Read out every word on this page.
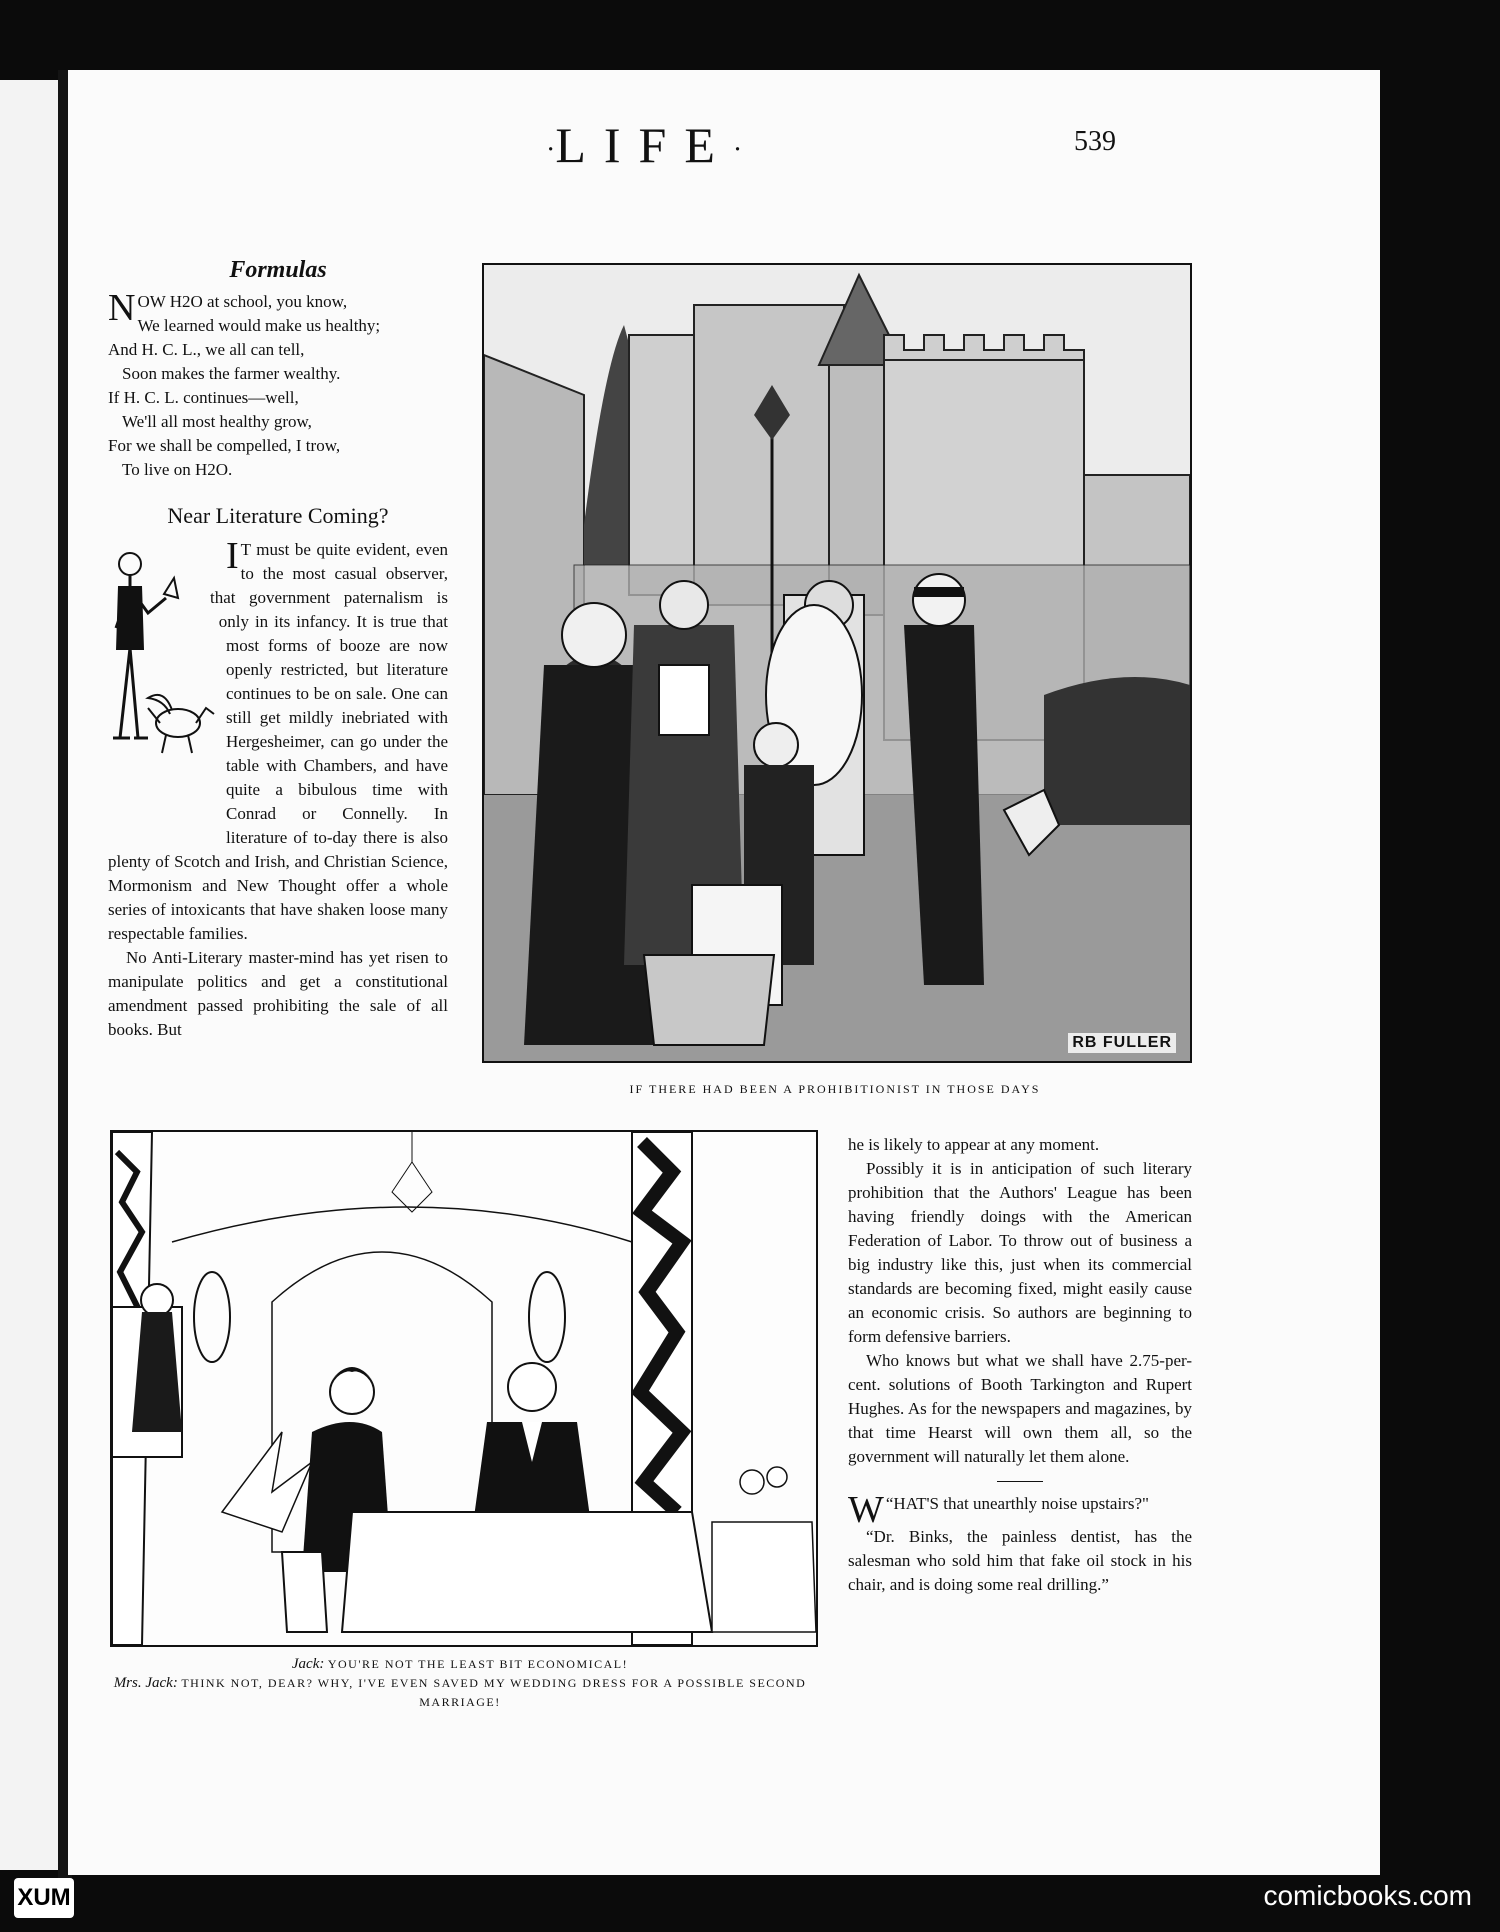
·LIFE·	539
Formulas

NOW H2O at school, you know,

We learned would make us healthy;

And H. C. L., we all can tell,

Soon makes the farmer wealthy.

If H. C. L. continues—well,

We'll all most healthy grow,

For we shall be compelled, I trow,

To live on H2O.

Near Literature Coming?

I T must be quite evident, even to the most casual observer, that government paternalism is only in its infancy. It is true that most forms of booze are now openly restricted, but literature continues to be on sale. One can still get mildly inebriated with Hergesheimer, can go under the table with Chambers, and have quite a bibulous time with Conrad or Connelly. In literature of to-day there is also plenty of Scotch and Irish, and Christian Science, Mormonism and New Thought offer a whole series of intoxicants that have shaken loose many respectable families.

No Anti-Literary master-mind has yet risen to manipulate politics and get a constitutional amendment passed prohibiting the sale of all books. But

RB FULLER
IF THERE HAD BEEN A PROHIBITIONIST IN THOSE DAYS
Jack: YOU'RE NOT THE LEAST BIT ECONOMICAL!
Mrs. Jack: THINK NOT, DEAR? WHY, I'VE EVEN SAVED MY WEDDING DRESS FOR A POSSIBLE SECOND MARRIAGE!

he is likely to appear at any moment.

Possibly it is in anticipation of such literary prohibition that the Authors' League has been having friendly doings with the American Federation of Labor. To throw out of business a big industry like this, just when its commercial standards are becoming fixed, might easily cause an economic crisis. So authors are beginning to form defensive barriers.

Who knows but what we shall have 2.75-per-cent. solutions of Booth Tarkington and Rupert Hughes. As for the newspapers and magazines, by that time Hearst will own them all, so the government will naturally let them alone.

“
W HAT'S that unearthly noise upstairs?"

“Dr. Binks, the painless dentist, has the salesman who sold him that fake oil stock in his chair, and is doing some real drilling.”

XUM	comicbooks.com
